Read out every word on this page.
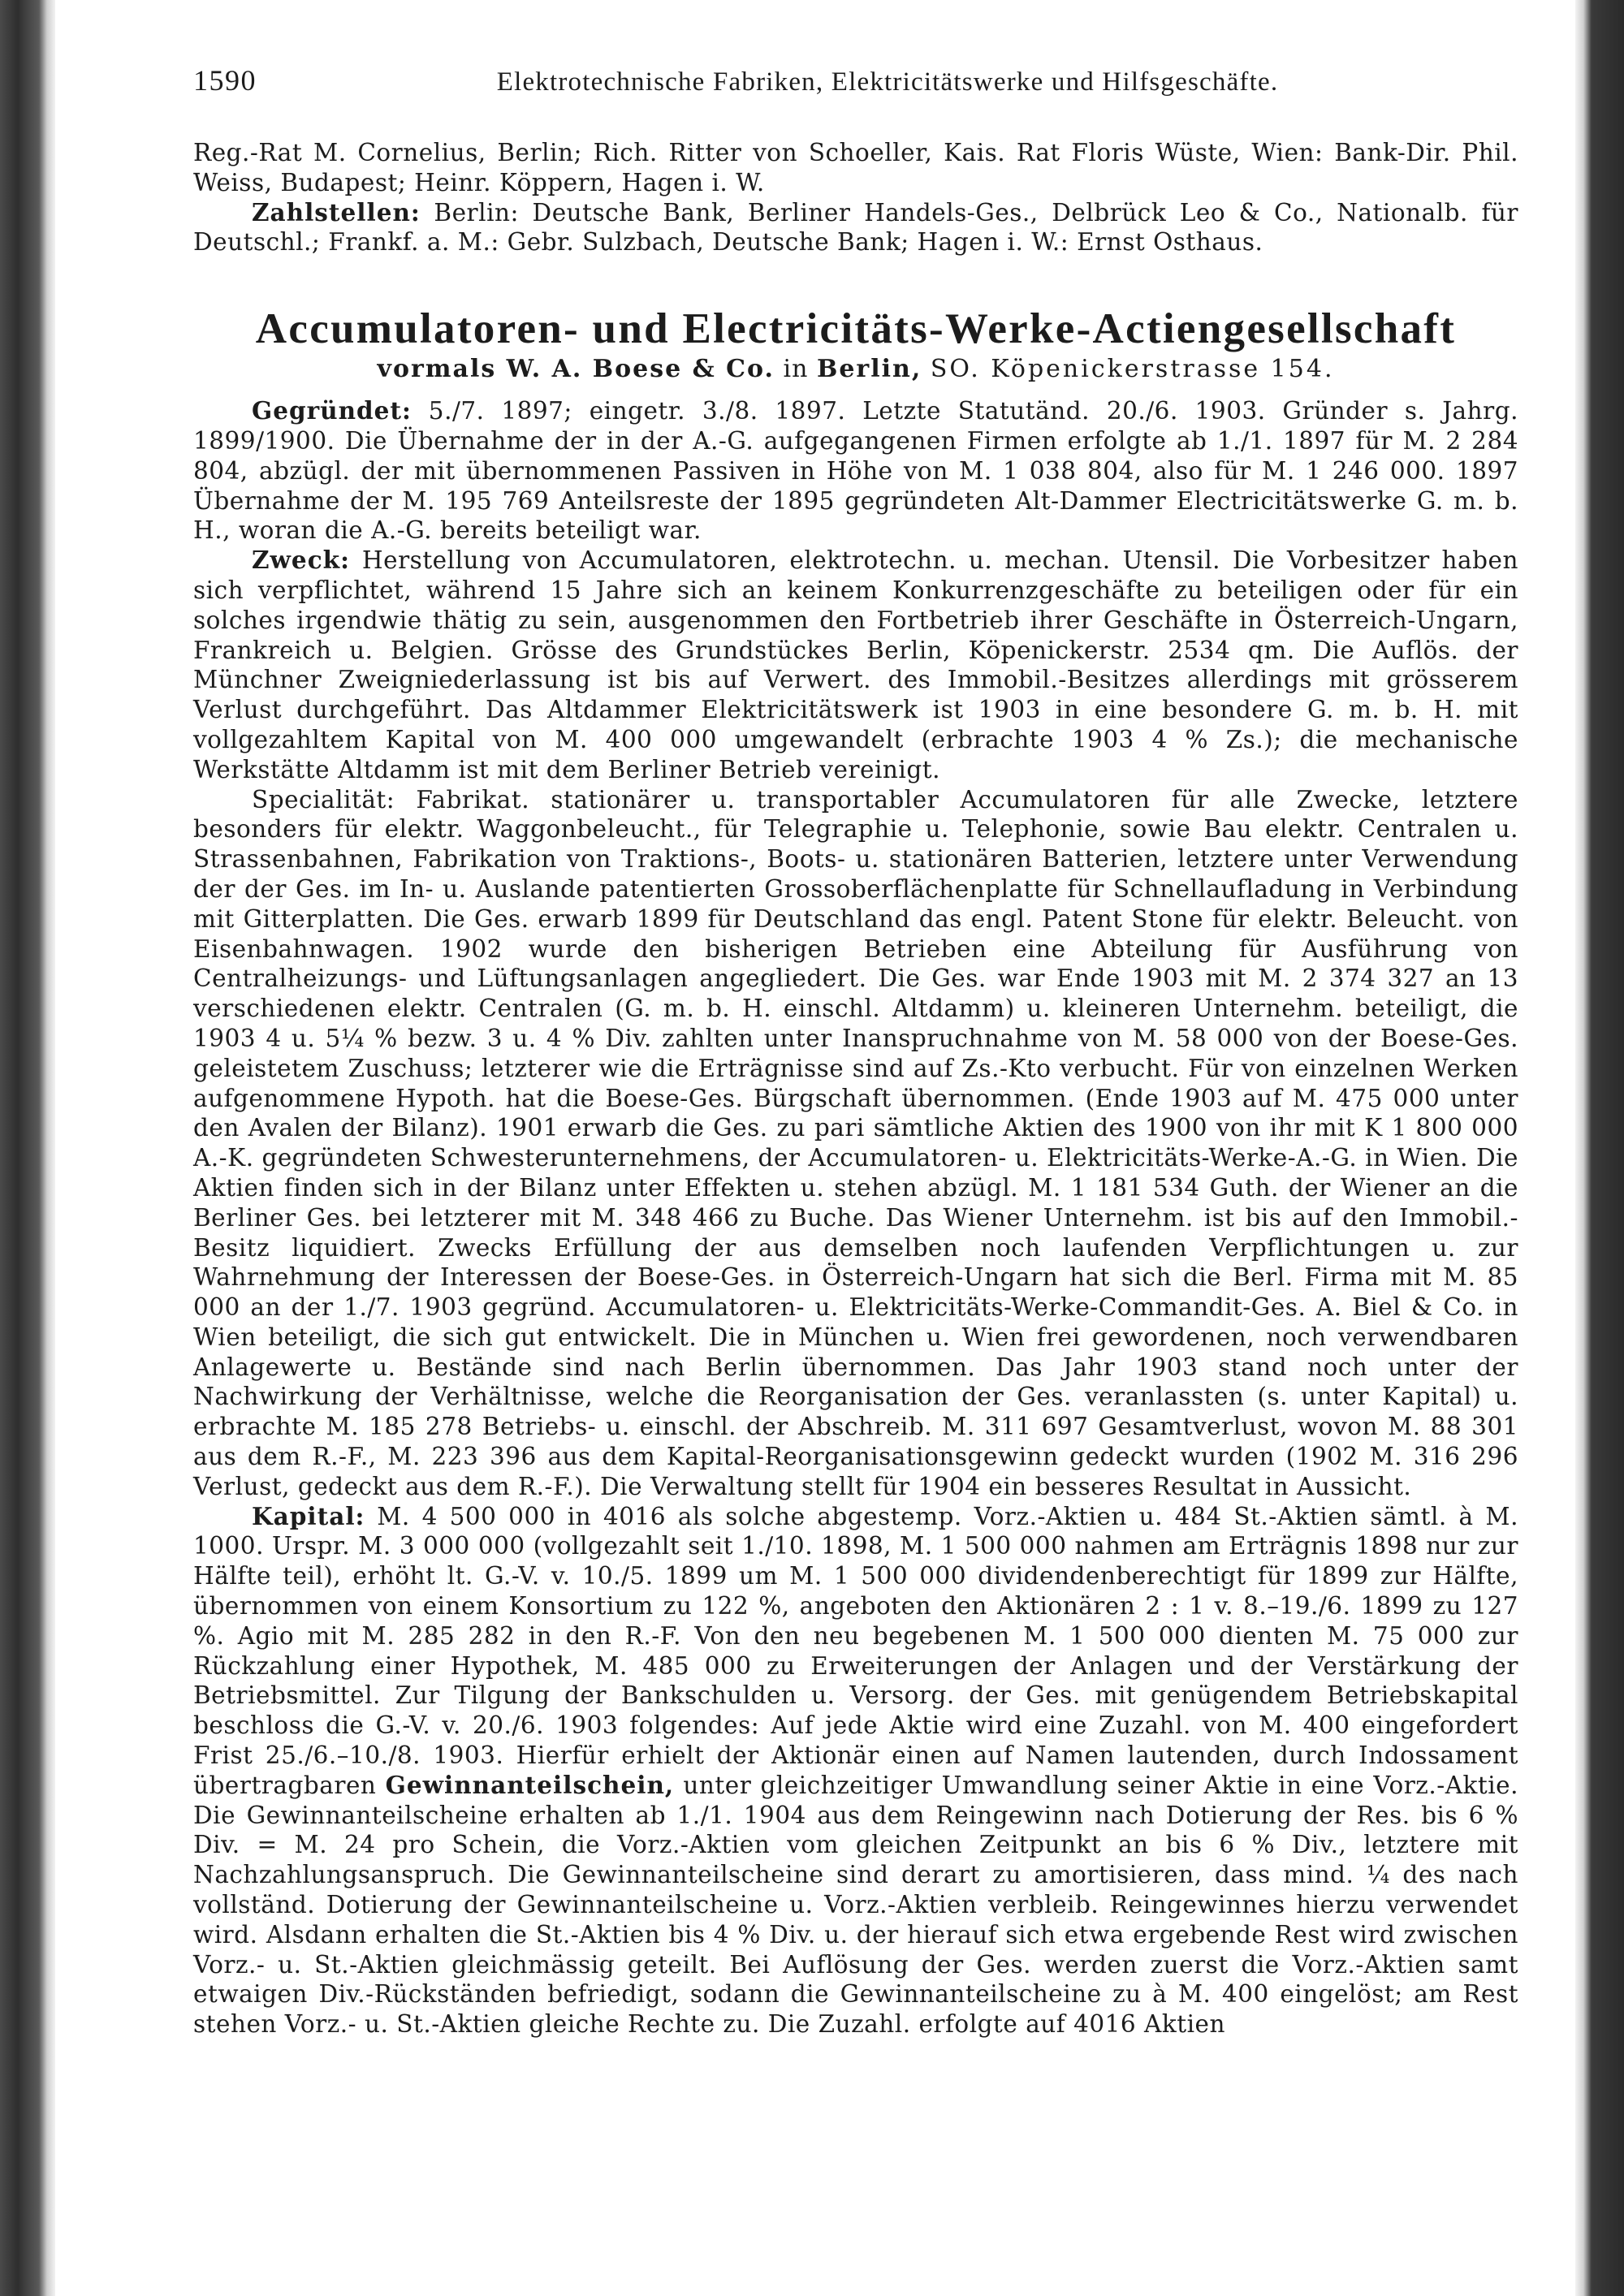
1590	Elektrotechnische Fabriken, Elektricitätswerke und Hilfsgeschäfte.

Reg.-Rat M. Cornelius, Berlin; Rich. Ritter von Schoeller, Kais. Rat Floris Wüste, Wien: Bank-Dir. Phil. Weiss, Budapest; Heinr. Köppern, Hagen i. W.

Zahlstellen: Berlin: Deutsche Bank, Berliner Handels-Ges., Delbrück Leo & Co., Nationalb. für Deutschl.; Frankf. a. M.: Gebr. Sulzbach, Deutsche Bank; Hagen i. W.: Ernst Osthaus.

Accumulatoren- und Electricitäts-Werke-Actiengesellschaft
vormals W. A. Boese & Co. in Berlin, SO. Köpenickerstrasse 154.

Gegründet: 5./7. 1897; eingetr. 3./8. 1897. Letzte Statutänd. 20./6. 1903. Gründer s. Jahrg. 1899/1900. Die Übernahme der in der A.-G. aufgegangenen Firmen erfolgte ab 1./1. 1897 für M. 2 284 804, abzügl. der mit übernommenen Passiven in Höhe von M. 1 038 804, also für M. 1 246 000. 1897 Übernahme der M. 195 769 Anteilsreste der 1895 gegründeten Alt-Dammer Electricitätswerke G. m. b. H., woran die A.-G. bereits beteiligt war.

Zweck: Herstellung von Accumulatoren, elektrotechn. u. mechan. Utensil. Die Vorbesitzer haben sich verpflichtet, während 15 Jahre sich an keinem Konkurrenzgeschäfte zu beteiligen oder für ein solches irgendwie thätig zu sein, ausgenommen den Fortbetrieb ihrer Geschäfte in Österreich-Ungarn, Frankreich u. Belgien. Grösse des Grundstückes Berlin, Köpenickerstr. 2534 qm. Die Auflös. der Münchner Zweigniederlassung ist bis auf Verwert. des Immobil.-Besitzes allerdings mit grösserem Verlust durchgeführt. Das Altdammer Elektricitätswerk ist 1903 in eine besondere G. m. b. H. mit vollgezahltem Kapital von M. 400 000 umgewandelt (erbrachte 1903 4 % Zs.); die mechanische Werkstätte Altdamm ist mit dem Berliner Betrieb vereinigt.

Specialität: Fabrikat. stationärer u. transportabler Accumulatoren für alle Zwecke, letztere besonders für elektr. Waggonbeleucht., für Telegraphie u. Telephonie, sowie Bau elektr. Centralen u. Strassenbahnen, Fabrikation von Traktions-, Boots- u. stationären Batterien, letztere unter Verwendung der der Ges. im In- u. Auslande patentierten Grossoberflächenplatte für Schnellaufladung in Verbindung mit Gitterplatten. Die Ges. erwarb 1899 für Deutschland das engl. Patent Stone für elektr. Beleucht. von Eisenbahnwagen. 1902 wurde den bisherigen Betrieben eine Abteilung für Ausführung von Centralheizungs- und Lüftungsanlagen angegliedert. Die Ges. war Ende 1903 mit M. 2 374 327 an 13 verschiedenen elektr. Centralen (G. m. b. H. einschl. Altdamm) u. kleineren Unternehm. beteiligt, die 1903 4 u. 5¼ % bezw. 3 u. 4 % Div. zahlten unter Inanspruchnahme von M. 58 000 von der Boese-Ges. geleistetem Zuschuss; letzterer wie die Erträgnisse sind auf Zs.-Kto verbucht. Für von einzelnen Werken aufgenommene Hypoth. hat die Boese-Ges. Bürgschaft übernommen. (Ende 1903 auf M. 475 000 unter den Avalen der Bilanz). 1901 erwarb die Ges. zu pari sämtliche Aktien des 1900 von ihr mit K 1 800 000 A.-K. gegründeten Schwesterunternehmens, der Accumulatoren- u. Elektricitäts-Werke-A.-G. in Wien. Die Aktien finden sich in der Bilanz unter Effekten u. stehen abzügl. M. 1 181 534 Guth. der Wiener an die Berliner Ges. bei letzterer mit M. 348 466 zu Buche. Das Wiener Unternehm. ist bis auf den Immobil.-Besitz liquidiert. Zwecks Erfüllung der aus demselben noch laufenden Verpflichtungen u. zur Wahrnehmung der Interessen der Boese-Ges. in Österreich-Ungarn hat sich die Berl. Firma mit M. 85 000 an der 1./7. 1903 gegründ. Accumulatoren- u. Elektricitäts-Werke-Commandit-Ges. A. Biel & Co. in Wien beteiligt, die sich gut entwickelt. Die in München u. Wien frei gewordenen, noch verwendbaren Anlagewerte u. Bestände sind nach Berlin übernommen. Das Jahr 1903 stand noch unter der Nachwirkung der Verhältnisse, welche die Reorganisation der Ges. veranlassten (s. unter Kapital) u. erbrachte M. 185 278 Betriebs- u. einschl. der Abschreib. M. 311 697 Gesamtverlust, wovon M. 88 301 aus dem R.-F., M. 223 396 aus dem Kapital-Reorganisationsgewinn gedeckt wurden (1902 M. 316 296 Verlust, gedeckt aus dem R.-F.). Die Verwaltung stellt für 1904 ein besseres Resultat in Aussicht.

Kapital: M. 4 500 000 in 4016 als solche abgestemp. Vorz.-Aktien u. 484 St.-Aktien sämtl. à M. 1000. Urspr. M. 3 000 000 (vollgezahlt seit 1./10. 1898, M. 1 500 000 nahmen am Erträgnis 1898 nur zur Hälfte teil), erhöht lt. G.-V. v. 10./5. 1899 um M. 1 500 000 dividendenberechtigt für 1899 zur Hälfte, übernommen von einem Konsortium zu 122 %, angeboten den Aktionären 2 : 1 v. 8.–19./6. 1899 zu 127 %. Agio mit M. 285 282 in den R.-F. Von den neu begebenen M. 1 500 000 dienten M. 75 000 zur Rückzahlung einer Hypothek, M. 485 000 zu Erweiterungen der Anlagen und der Verstärkung der Betriebsmittel. Zur Tilgung der Bankschulden u. Versorg. der Ges. mit genügendem Betriebskapital beschloss die G.-V. v. 20./6. 1903 folgendes: Auf jede Aktie wird eine Zuzahl. von M. 400 eingefordert Frist 25./6.–10./8. 1903. Hierfür erhielt der Aktionär einen auf Namen lautenden, durch Indossament übertragbaren Gewinnanteilschein, unter gleichzeitiger Umwandlung seiner Aktie in eine Vorz.-Aktie. Die Gewinnanteilscheine erhalten ab 1./1. 1904 aus dem Reingewinn nach Dotierung der Res. bis 6 % Div. = M. 24 pro Schein, die Vorz.-Aktien vom gleichen Zeitpunkt an bis 6 % Div., letztere mit Nachzahlungsanspruch. Die Gewinnanteilscheine sind derart zu amortisieren, dass mind. ¼ des nach vollständ. Dotierung der Gewinnanteilscheine u. Vorz.-Aktien verbleib. Reingewinnes hierzu verwendet wird. Alsdann erhalten die St.-Aktien bis 4 % Div. u. der hierauf sich etwa ergebende Rest wird zwischen Vorz.- u. St.-Aktien gleichmässig geteilt. Bei Auflösung der Ges. werden zuerst die Vorz.-Aktien samt etwaigen Div.-Rückständen befriedigt, sodann die Gewinnanteilscheine zu à M. 400 eingelöst; am Rest stehen Vorz.- u. St.-Aktien gleiche Rechte zu. Die Zuzahl. erfolgte auf 4016 Aktien
